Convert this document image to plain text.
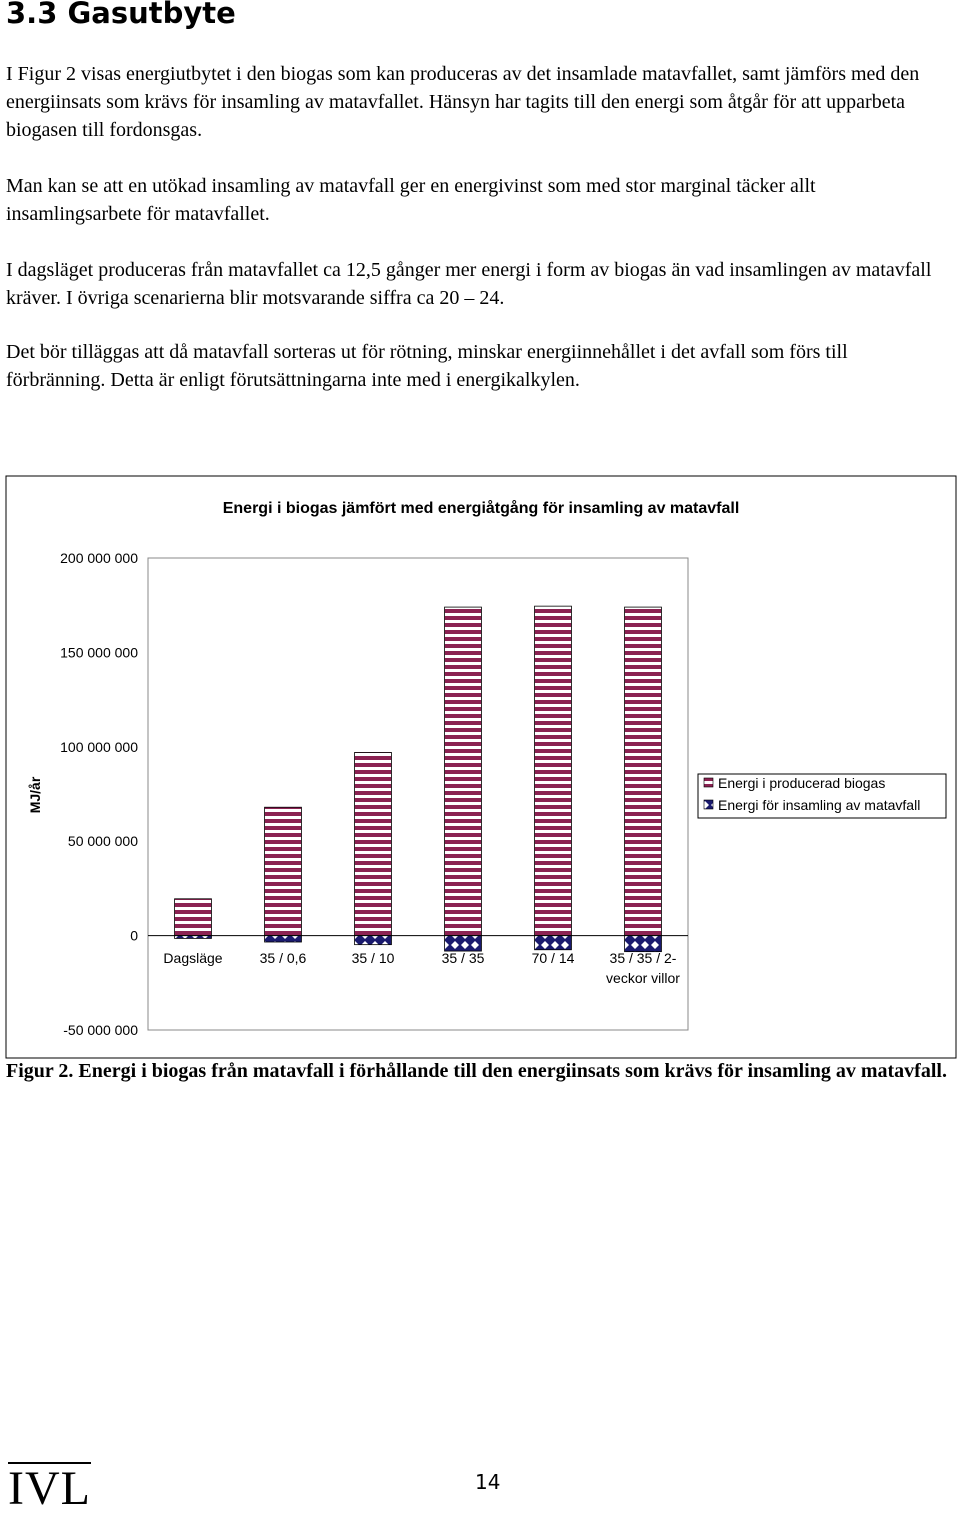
3.3 Gasutbyte

I Figur 2 visas energiutbytet i den biogas som kan produceras av det insamlade matavfallet, samt jämförs med den energiinsats som krävs för insamling av matavfallet. Hänsyn har tagits till den energi som åtgår för att upparbeta biogasen till fordonsgas.

Man kan se att en utökad insamling av matavfall ger en energivinst som med stor marginal täcker allt insamlingsarbete för matavfallet.

I dagsläget produceras från matavfallet ca 12,5 gånger mer energi i form av biogas än vad insamlingen av matavfall kräver. I övriga scenarierna blir motsvarande siffra ca 20 – 24.

Det bör tilläggas att då matavfall sorteras ut för rötning, minskar energiinnehållet i det avfall som förs till förbränning. Detta är enligt förutsättningarna inte med i energikalkylen.

Energi i biogas jämfört med energiåtgång för insamling av matavfall
MJ/år
-50 000 000
0
50 000 000
100 000 000
150 000 000
200 000 000
Dagsläge	35 / 0,6	35 / 10	35 / 35	70 / 14	35 / 35 / 2-veckor villor
Energi i producerad biogas
Energi för insamling av matavfall

Figur 2. Energi i biogas från matavfall i förhållande till den energiinsats som krävs för insamling av matavfall.

IVL	14
